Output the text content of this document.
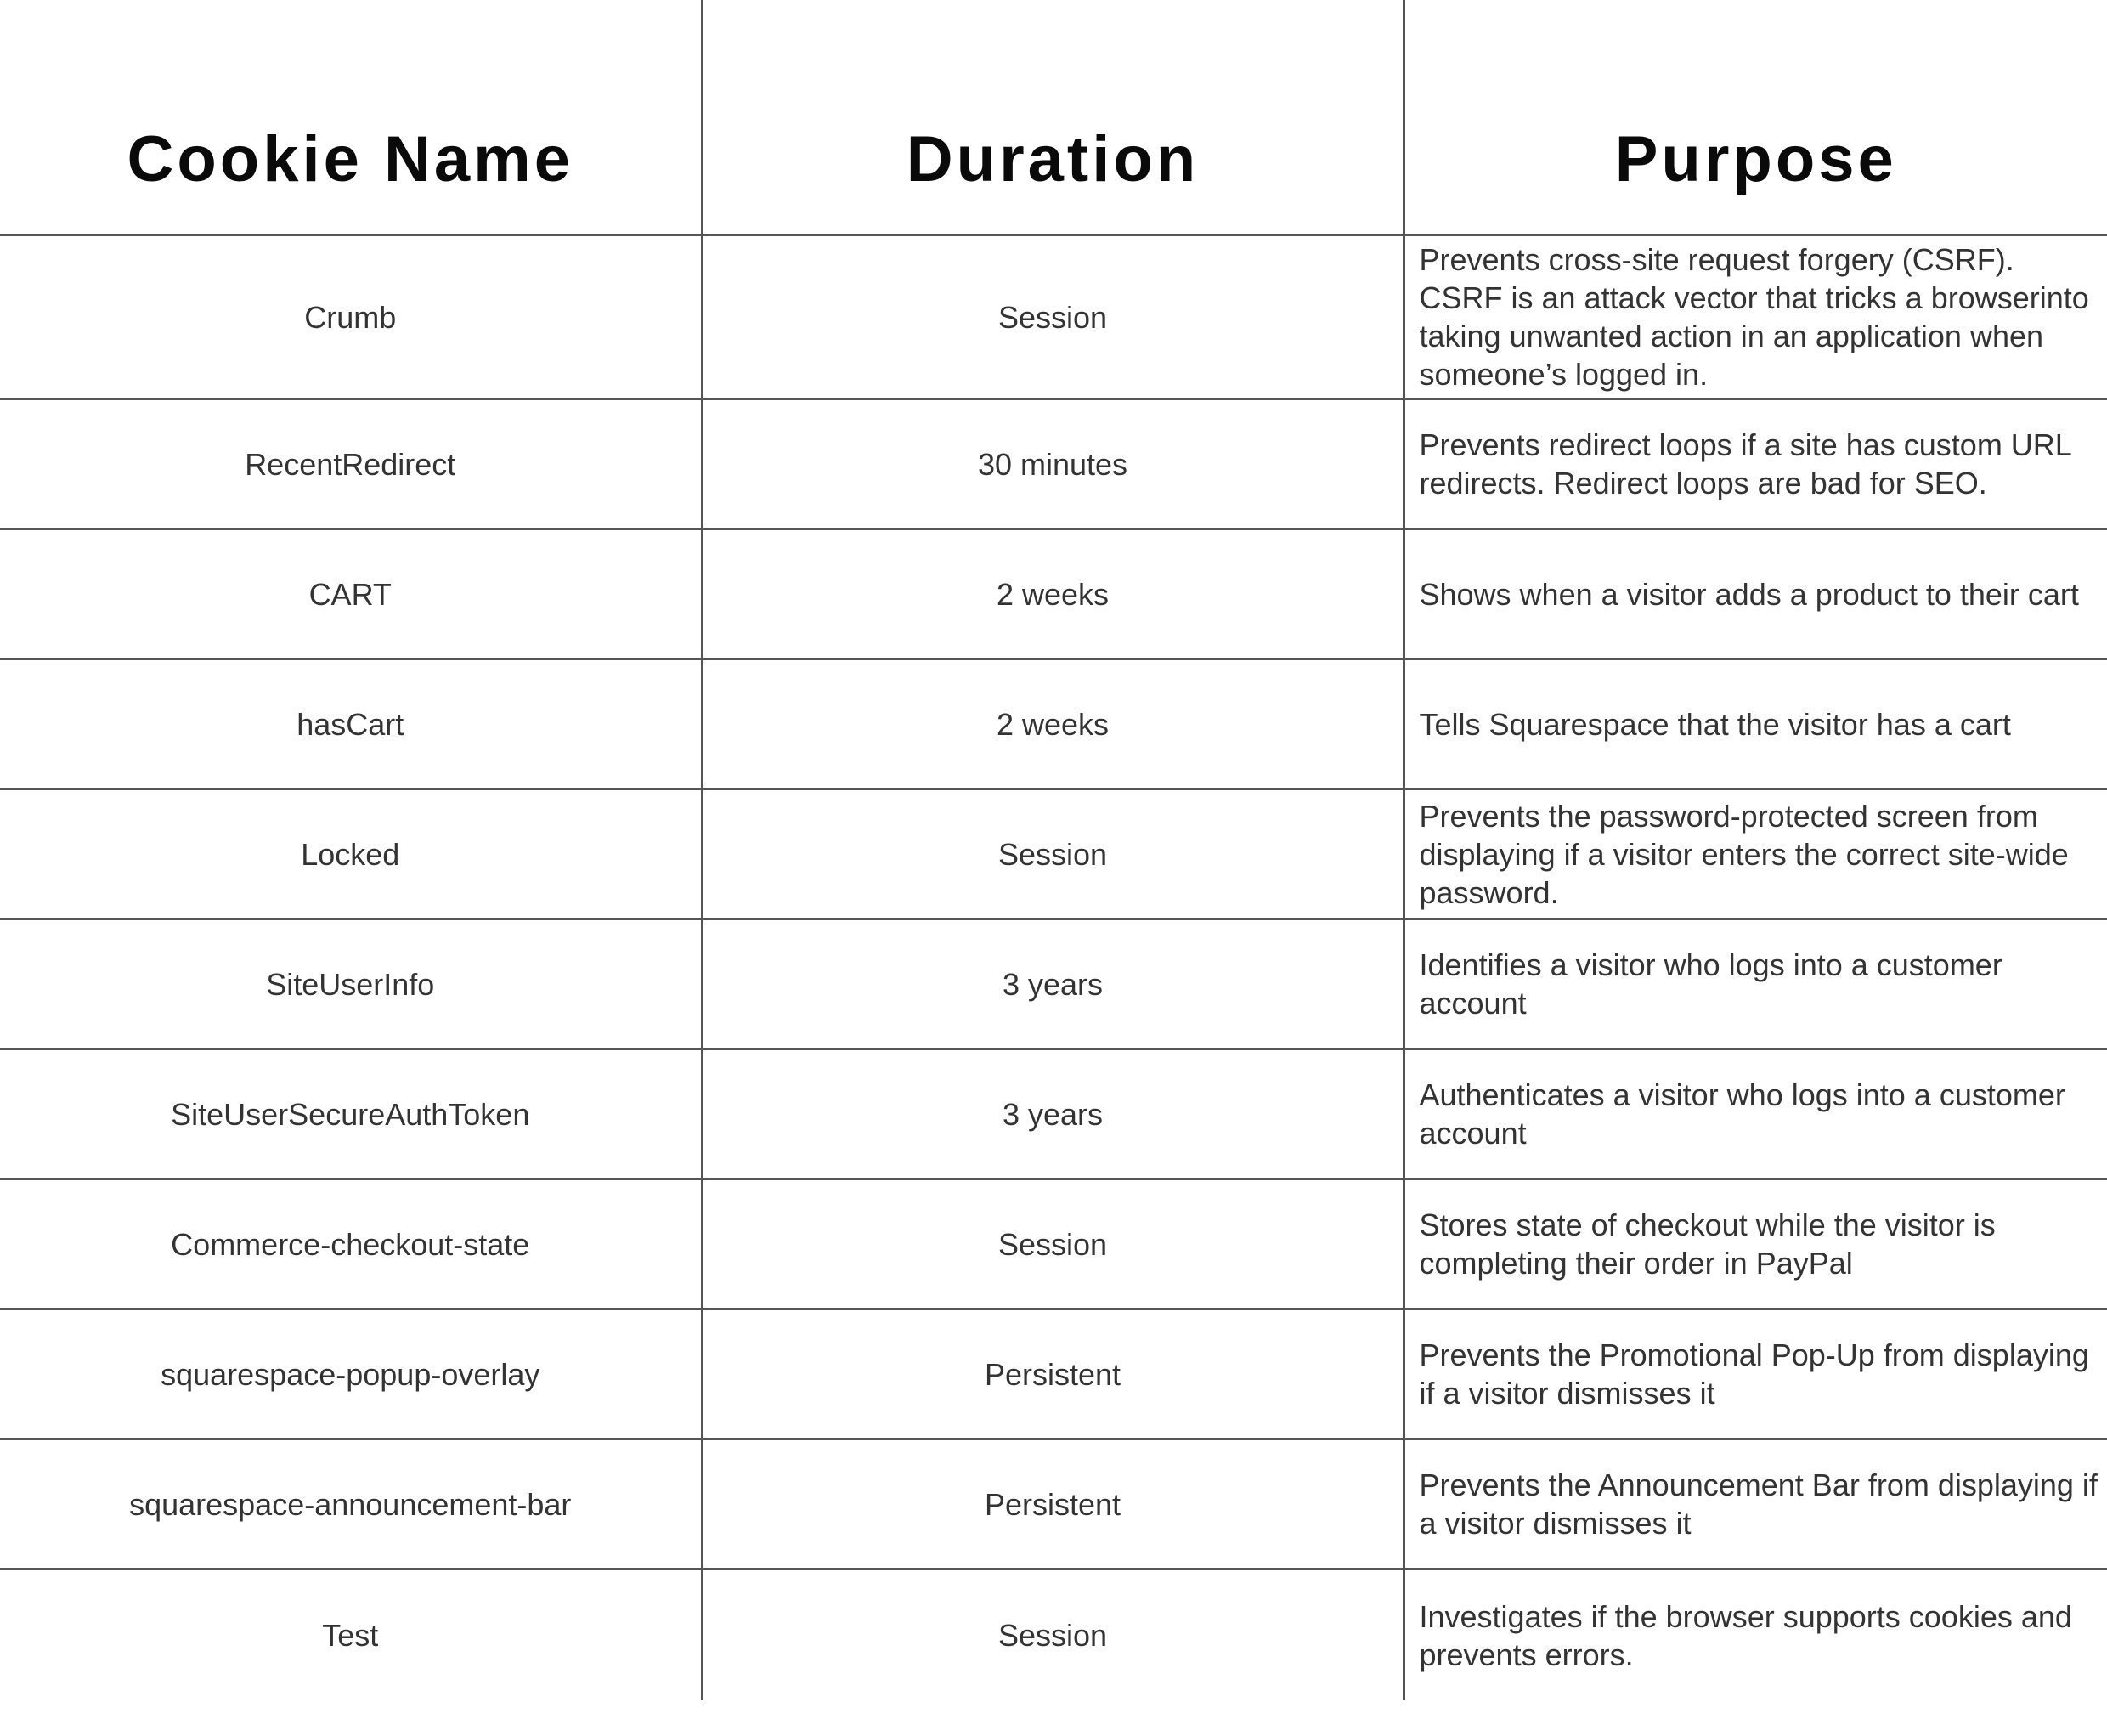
Cookie Name	Duration	Purpose
Crumb	Session	Prevents cross-site request forgery (CSRF). CSRF is an attack vector that tricks a browserinto taking unwanted action in an application when someone’s logged in.
RecentRedirect	30 minutes	Prevents redirect loops if a site has custom URL redirects. Redirect loops are bad for SEO.
CART	2 weeks	Shows when a visitor adds a product to their cart
hasCart	2 weeks	Tells Squarespace that the visitor has a cart
Locked	Session	Prevents the password-protected screen from displaying if a visitor enters the correct site-wide password.
SiteUserInfo	3 years	Identifies a visitor who logs into a customer account
SiteUserSecureAuthToken	3 years	Authenticates a visitor who logs into a customer account
Commerce-checkout-state	Session	Stores state of checkout while the visitor is completing their order in PayPal
squarespace-popup-overlay	Persistent	Prevents the Promotional Pop-Up from displaying if a visitor dismisses it
squarespace-announcement-bar	Persistent	Prevents the Announcement Bar from displaying if a visitor dismisses it
Test	Session	Investigates if the browser supports cookies and prevents errors.
